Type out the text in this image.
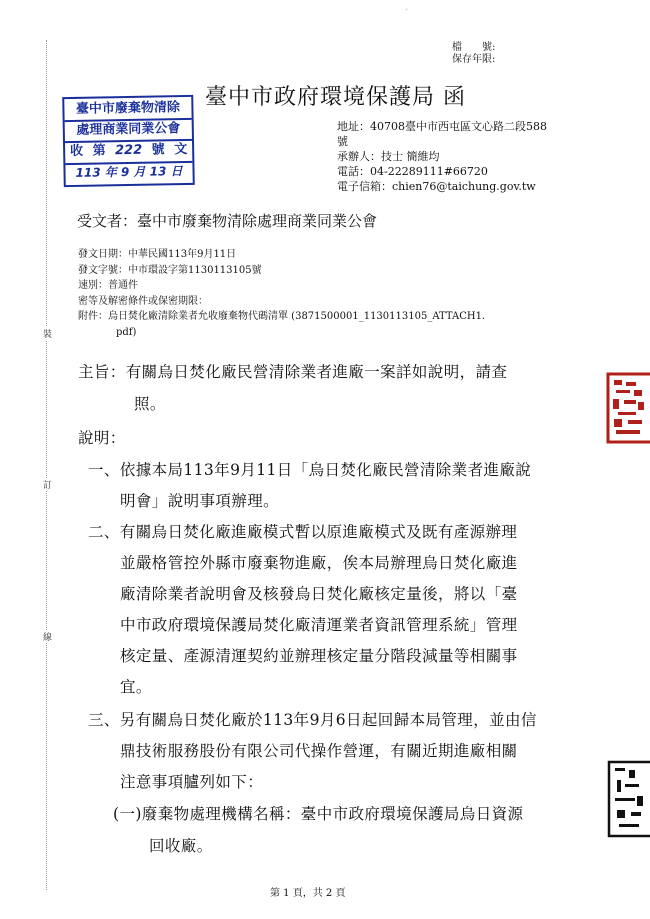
ﾞ
裝
訂
線
檔　　號:
保存年限:
臺中市政府環境保護局 函
臺中市廢棄物清除
處理商業同業公會
收 第 222 號 文
113 年 9 月 13 日
地址：40708臺中市西屯區文心路二段588
號
承辦人：技士 簡維均
電話：04-22289111#66720
電子信箱：chien76@taichung.gov.tw
受文者：臺中市廢棄物清除處理商業同業公會
發文日期：中華民國113年9月11日
發文字號：中市環設字第1130113105號
速別：普通件
密等及解密條件或保密期限：
附件：烏日焚化廠清除業者允收廢棄物代碼清單 (3871500001_1130113105_ATTACH1.
pdf)
主旨：有關烏日焚化廠民營清除業者進廠一案詳如說明，請查
照。
說明：
一、依據本局113年9月11日「烏日焚化廠民營清除業者進廠說
明會」說明事項辦理。
二、有關烏日焚化廠進廠模式暫以原進廠模式及既有產源辦理
並嚴格管控外縣市廢棄物進廠，俟本局辦理烏日焚化廠進
廠清除業者說明會及核發烏日焚化廠核定量後，將以「臺
中市政府環境保護局焚化廠清運業者資訊管理系統」管理
核定量、產源清運契約並辦理核定量分階段減量等相關事
宜。
三、另有關烏日焚化廠於113年9月6日起回歸本局管理，並由信
鼎技術服務股份有限公司代操作營運，有關近期進廠相關
注意事項臚列如下：
(一)廢棄物處理機構名稱：臺中市政府環境保護局烏日資源
回收廠。
第 1 頁，共 2 頁
